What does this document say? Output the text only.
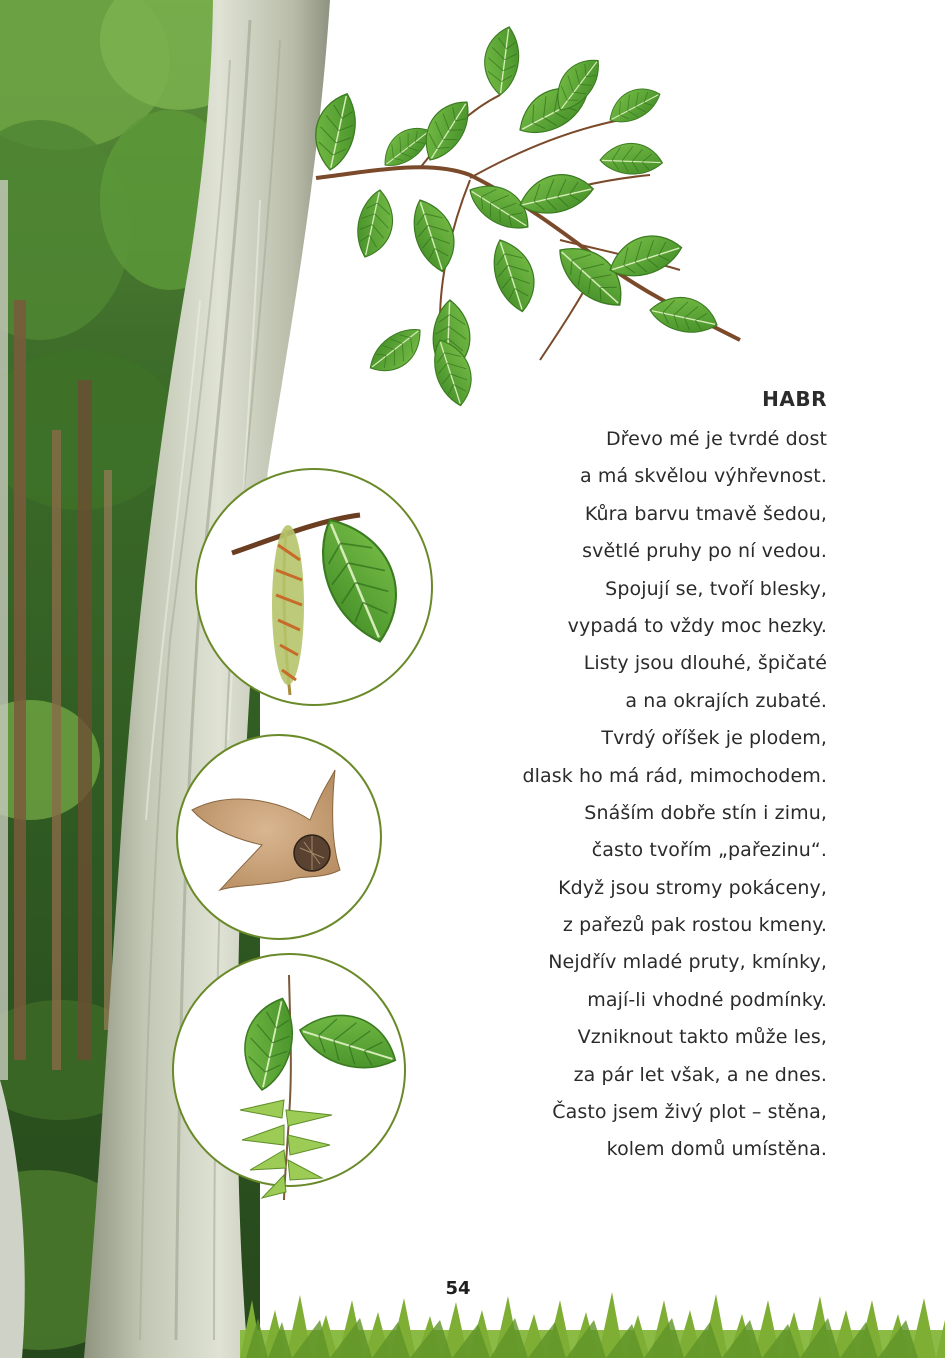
HABR
Dřevo mé je tvrdé dost
a má skvělou výhřevnost.
Kůra barvu tmavě šedou,
světlé pruhy po ní vedou.
Spojují se, tvoří blesky,
vypadá to vždy moc hezky.
Listy jsou dlouhé, špičaté
a na okrajích zubaté.
Tvrdý oříšek je plodem,
dlask ho má rád, mimochodem.
Snáším dobře stín i zimu,
často tvořím „pařezinu“.
Když jsou stromy pokáceny,
z pařezů pak rostou kmeny.
Nejdřív mladé pruty, kmínky,
mají-li vhodné podmínky.
Vzniknout takto může les,
za pár let však, a ne dnes.
Často jsem živý plot – stěna,
kolem domů umístěna.
54
